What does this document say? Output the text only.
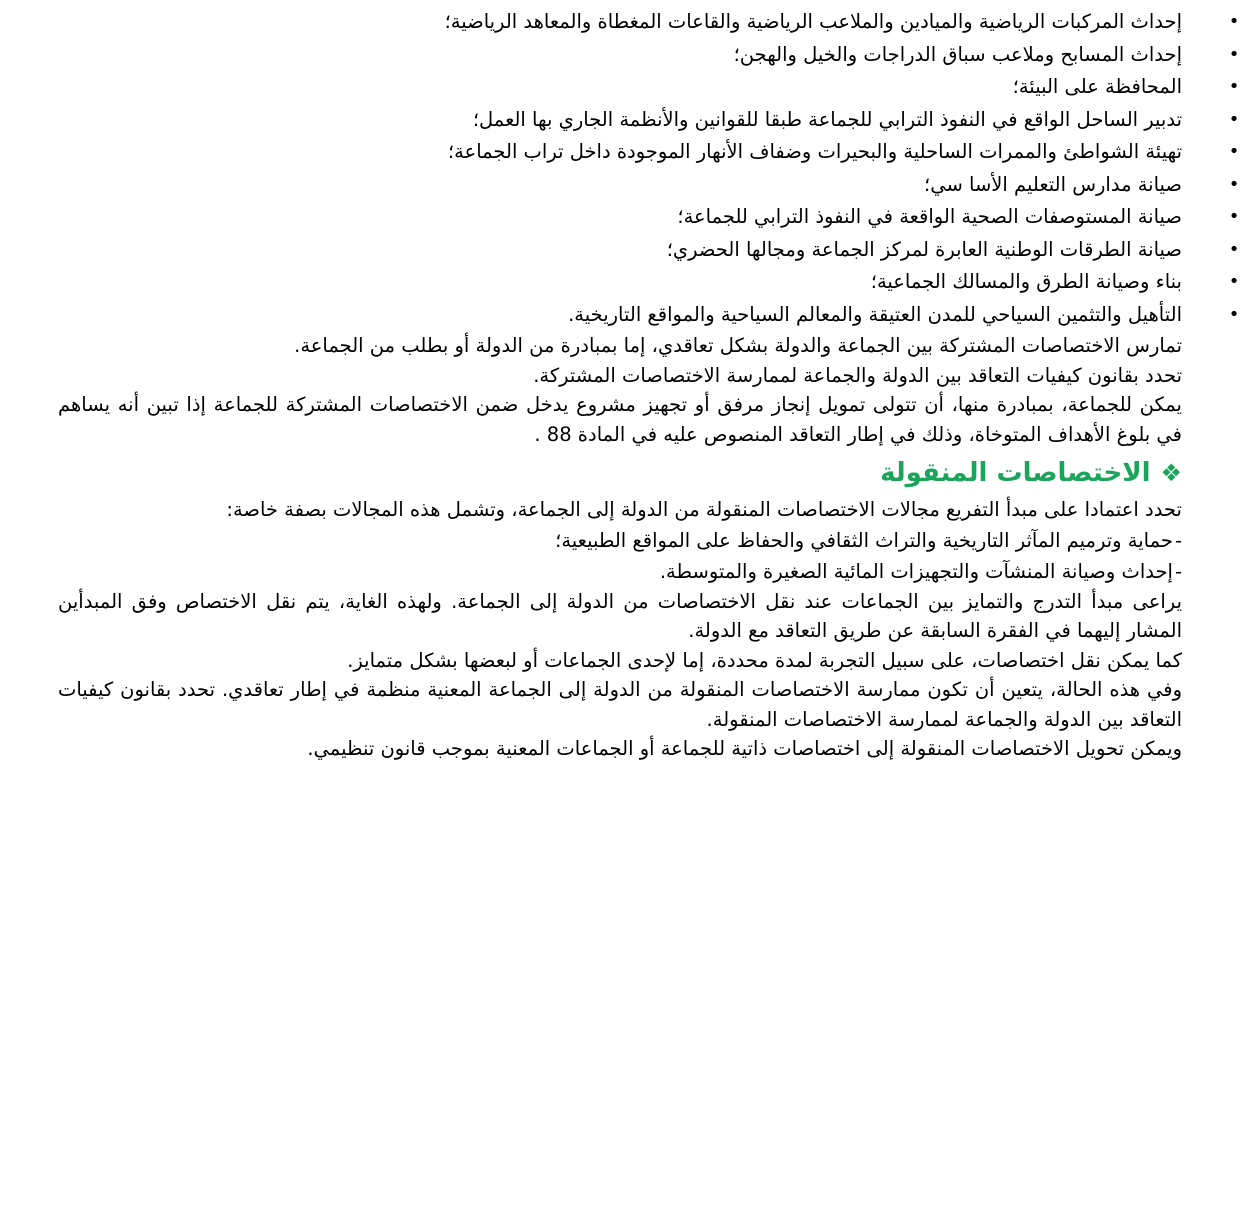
•
إحداث المركبات الرياضية والميادين والملاعب الرياضية والقاعات المغطاة والمعاهد الرياضية؛
•
إحداث المسابح وملاعب سباق الدراجات والخيل والهجن؛
•
المحافظة على البيئة؛
•
تدبير الساحل الواقع في النفوذ الترابي للجماعة طبقا للقوانين والأنظمة الجاري بها العمل؛
•
تهيئة الشواطئ والممرات الساحلية والبحيرات وضفاف الأنهار الموجودة داخل تراب الجماعة؛
•
صيانة مدارس التعليم الأسا سي؛
•
صيانة المستوصفات الصحية الواقعة في النفوذ الترابي للجماعة؛
•
صيانة الطرقات الوطنية العابرة لمركز الجماعة ومجالها الحضري؛
•
بناء وصيانة الطرق والمسالك الجماعية؛
•
التأهيل والتثمين السياحي للمدن العتيقة والمعالم السياحية والمواقع التاريخية.

تمارس الاختصاصات المشتركة بين الجماعة والدولة بشكل تعاقدي، إما بمبادرة من الدولة أو بطلب من الجماعة.

تحدد بقانون كيفيات التعاقد بين الدولة والجماعة لممارسة الاختصاصات المشتركة.

يمكن للجماعة، بمبادرة منها، أن تتولى تمويل إنجاز مرفق أو تجهيز مشروع يدخل ضمن الاختصاصات المشتركة للجماعة إذا تبين أنه يساهم في بلوغ الأهداف المتوخاة، وذلك في إطار التعاقد المنصوص عليه في المادة 88 .

❖الاختصاصات المنقولة

تحدد اعتمادا على مبدأ التفريع مجالات الاختصاصات المنقولة من الدولة إلى الجماعة، وتشمل هذه المجالات بصفة خاصة:

-حماية وترميم المآثر التاريخية والتراث الثقافي والحفاظ على المواقع الطبيعية؛
-إحداث وصيانة المنشآت والتجهيزات المائية الصغيرة والمتوسطة.

يراعى مبدأ التدرج والتمايز بين الجماعات عند نقل الاختصاصات من الدولة إلى الجماعة. ولهذه الغاية، يتم نقل الاختصاص وفق المبدأين المشار إليهما في الفقرة السابقة عن طريق التعاقد مع الدولة.

كما يمكن نقل اختصاصات، على سبيل التجربة لمدة محددة، إما لإحدى الجماعات أو لبعضها بشكل متمايز.

وفي هذه الحالة، يتعين أن تكون ممارسة الاختصاصات المنقولة من الدولة إلى الجماعة المعنية منظمة في إطار تعاقدي. تحدد بقانون كيفيات التعاقد بين الدولة والجماعة لممارسة الاختصاصات المنقولة.

ويمكن تحويل الاختصاصات المنقولة إلى اختصاصات ذاتية للجماعة أو الجماعات المعنية بموجب قانون تنظيمي.
